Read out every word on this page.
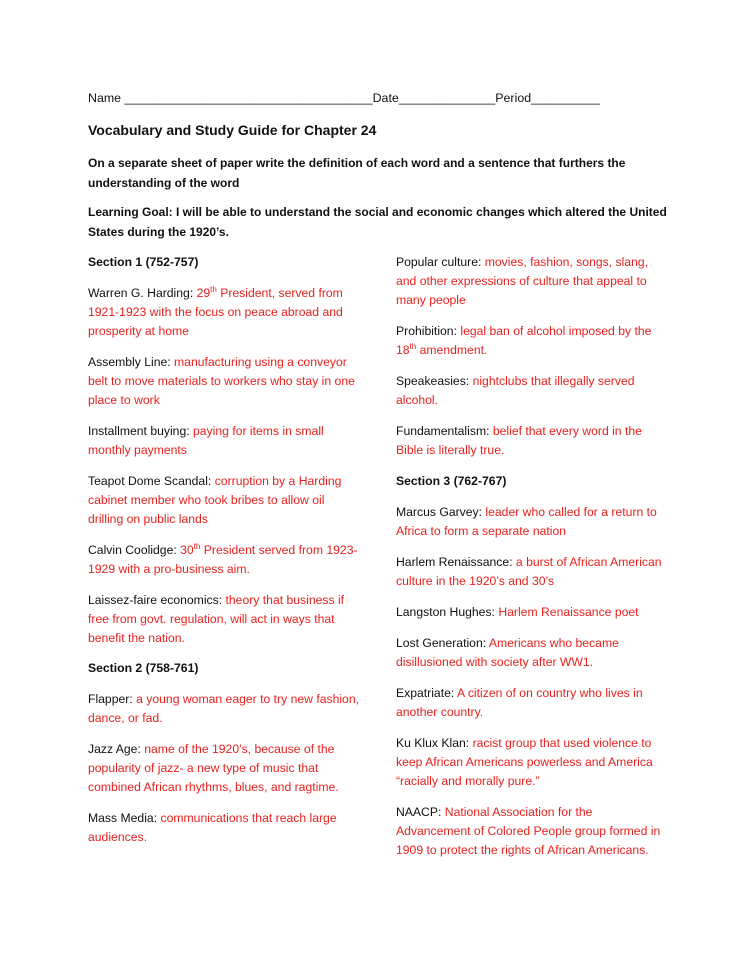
Name ____________________________________Date______________Period__________
Vocabulary and Study Guide for Chapter 24
On a separate sheet of paper write the definition of each word and a sentence that furthers the understanding of the word
Learning Goal: I will be able to understand the social and economic changes which altered the United States during the 1920’s.
Section 1 (752-757)
Warren G. Harding: 29th President, served from 1921-1923 with the focus on peace abroad and prosperity at home
Assembly Line: manufacturing using a conveyor belt to move materials to workers who stay in one place to work
Installment buying: paying for items in small monthly payments
Teapot Dome Scandal: corruption by a Harding cabinet member who took bribes to allow oil drilling on public lands
Calvin Coolidge: 30th President served from 1923-1929 with a pro-business aim.
Laissez-faire economics: theory that business if free from govt. regulation, will act in ways that benefit the nation.
Section 2 (758-761)
Flapper: a young woman eager to try new fashion, dance, or fad.
Jazz Age: name of the 1920’s, because of the popularity of jazz- a new type of music that combined African rhythms, blues, and ragtime.
Mass Media: communications that reach large audiences.
Popular culture: movies, fashion, songs, slang, and other expressions of culture that appeal to many people
Prohibition: legal ban of alcohol imposed by the 18th amendment.
Speakeasies: nightclubs that illegally served alcohol.
Fundamentalism: belief that every word in the Bible is literally true.
Section 3 (762-767)
Marcus Garvey: leader who called for a return to Africa to form a separate nation
Harlem Renaissance: a burst of African American culture in the 1920’s and 30’s
Langston Hughes: Harlem Renaissance poet
Lost Generation: Americans who became disillusioned with society after WW1.
Expatriate: A citizen of on country who lives in another country.
Ku Klux Klan: racist group that used violence to keep African Americans powerless and America “racially and morally pure.”
NAACP: National Association for the Advancement of Colored People group formed in 1909 to protect the rights of African Americans.
